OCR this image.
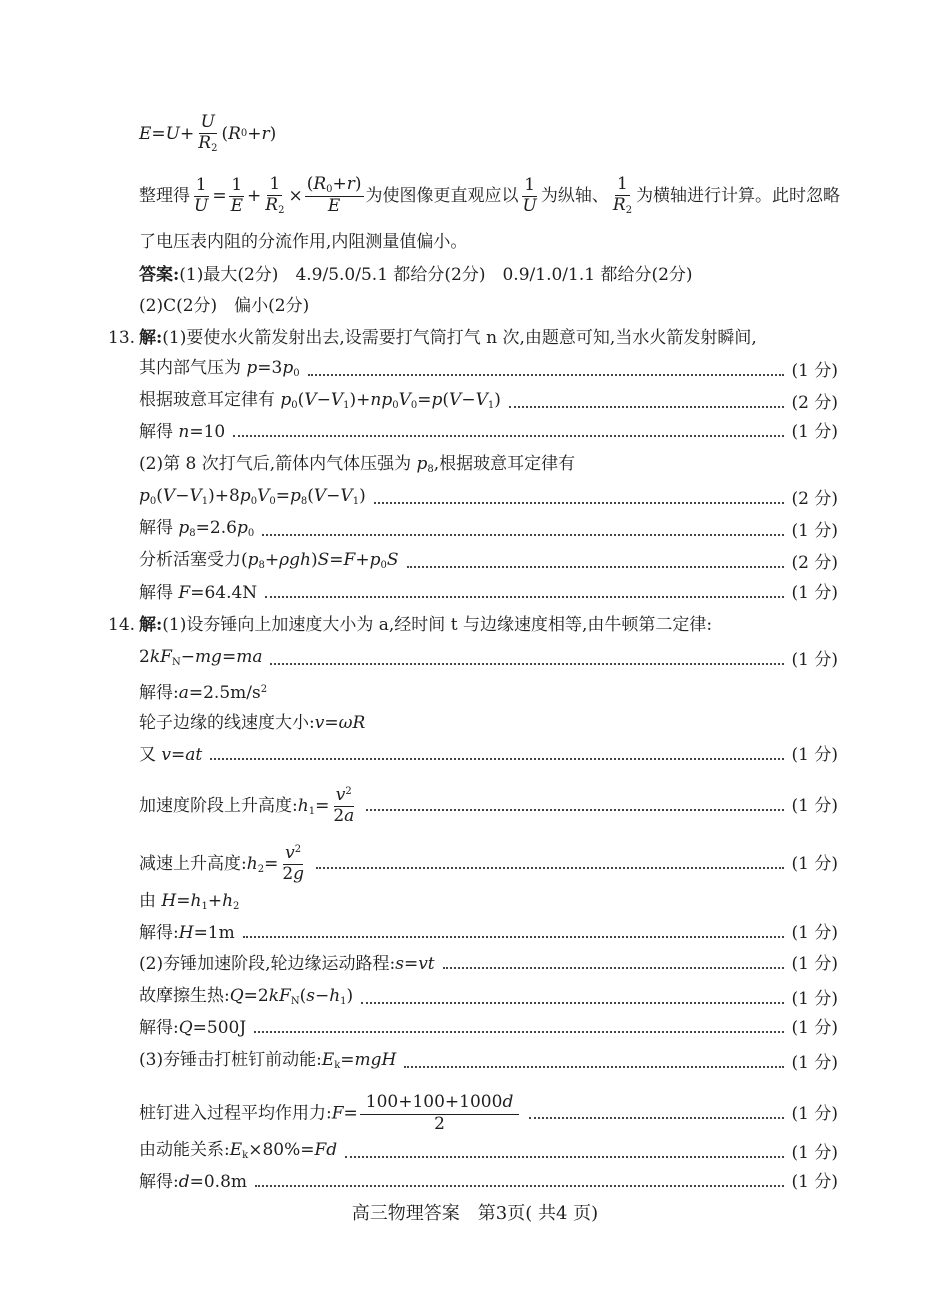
$E = U + \frac{U}{R_2}$ ( R 0 + r )
整理得 $\frac{1}{U} = \frac{1}{E} + \frac{1}{R_2} \times \frac{(R_0+r)}{E}$ 为使图像更直观应以 $\frac{1}{U}$ 为纵轴、 $\frac{1}{R_2}$ 为横轴进行计算。此时忽略
了电压表内阻的分流作用,内阻测量值偏小。
答案: (1)最大(2分)　4.9/5.0/5.1 都给分(2分)　0.9/1.0/1.1 都给分(2分)
(2)C(2分)　偏小(2分)
13. 解: (1)要使水火箭发射出去,设需要打气筒打气 n 次,由题意可知,当水火箭发射瞬间,
其内部气压为 $p=3p_0$	(1 分)
根据玻意耳定律有 $p_0(V-V_1)+np_0V_0=p(V-V_1)$	(2 分)
解得 n=10	(1 分)
(2)第 8 次打气后,箭体内气体压强为 $p_8$,根据玻意耳定律有
$p_0(V-V_1)+8p_0V_0=p_8(V-V_1)$	(2 分)
解得 $p_8=2.6p_0$	(1 分)
分析活塞受力$(p_8+\rho gh)S=F+p_0S$	(2 分)
解得 F=64.4N	(1 分)
14. 解: (1)设夯锤向上加速度大小为 a,经时间 t 与边缘速度相等,由牛顿第二定律:
$2kF_N-mg=ma$	(1 分)
解得$:a=2.5m/s^2$
轮子边缘的线速度大小:v=ωR
又 v=at	(1 分)
加速度阶段上升高度$:h_1= \frac{v^2}{2a}$	(1 分)
减速上升高度$:h_2= \frac{v^2}{2g}$	(1 分)
由 $H=h_1+h_2$
解得:H=1m	(1 分)
(2)夯锤加速阶段,轮边缘运动路程:s=vt	(1 分)
故摩擦生热$:Q=2kF_N(s-h_1)$	(1 分)
解得:Q=500J	(1 分)
(3)夯锤击打桩钉前动能$:E_k=mgH$	(1 分)
桩钉进入过程平均作用力:F= $\frac{100+100+1000d}{2}$	(1 分)
由动能关系$:E_k\times 80\%=Fd$	(1 分)
解得:d=0.8m	(1 分)
高三物理答案　第3页( 共4 页)
